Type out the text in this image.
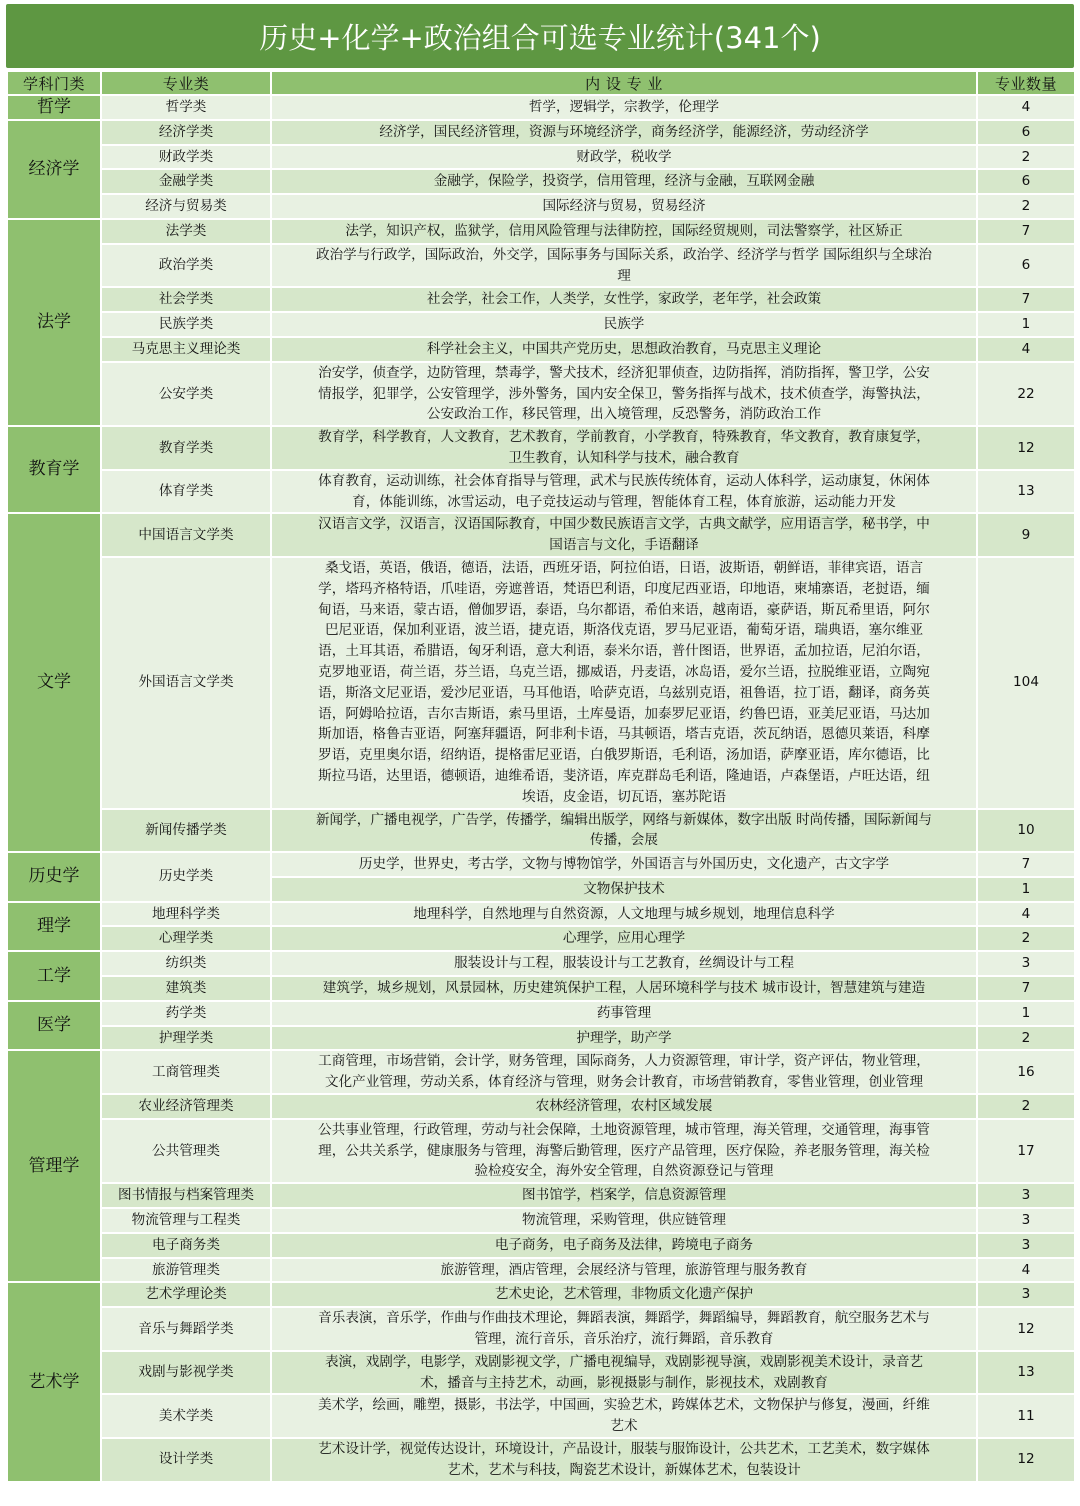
历史+化学+政治组合可选专业统计(341个)
学科门类	专业类	内 设 专 业	专业数量
哲学	哲学类	哲学，逻辑学，宗教学，伦理学	4
经济学	经济学类	经济学，国民经济管理，资源与环境经济学，商务经济学，能源经济，劳动经济学	6
	财政学类	财政学，税收学	2
	金融学类	金融学，保险学，投资学，信用管理，经济与金融，互联网金融	6
	经济与贸易类	国际经济与贸易，贸易经济	2
法学	法学类	法学，知识产权，监狱学，信用风险管理与法律防控，国际经贸规则，司法警察学，社区矫正	7
	政治学类	政治学与行政学，国际政治，外交学，国际事务与国际关系，政治学、经济学与哲学 国际组织与全球治理	6
	社会学类	社会学，社会工作，人类学，女性学，家政学，老年学，社会政策	7
	民族学类	民族学	1
	马克思主义理论类	科学社会主义，中国共产党历史，思想政治教育，马克思主义理论	4
	公安学类	治安学，侦查学，边防管理，禁毒学，警犬技术，经济犯罪侦查，边防指挥，消防指挥，警卫学，公安情报学，犯罪学，公安管理学，涉外警务，国内安全保卫，警务指挥与战术，技术侦查学，海警执法，公安政治工作，移民管理，出入境管理，反恐警务，消防政治工作	22
教育学	教育学类	教育学，科学教育，人文教育，艺术教育，学前教育，小学教育，特殊教育，华文教育，教育康复学，卫生教育，认知科学与技术，融合教育	12
	体育学类	体育教育，运动训练，社会体育指导与管理，武术与民族传统体育，运动人体科学，运动康复，休闲体育，体能训练，冰雪运动，电子竞技运动与管理，智能体育工程，体育旅游，运动能力开发	13
文学	中国语言文学类	汉语言文学，汉语言，汉语国际教育，中国少数民族语言文学，古典文献学，应用语言学，秘书学，中国语言与文化，手语翻译	9
	外国语言文学类	桑戈语，英语，俄语，德语，法语，西班牙语，阿拉伯语，日语，波斯语，朝鲜语，菲律宾语，语言学，塔玛齐格特语，爪哇语，旁遮普语，梵语巴利语，印度尼西亚语，印地语，柬埔寨语，老挝语，缅甸语，马来语，蒙古语，僧伽罗语，泰语，乌尔都语，希伯来语，越南语，豪萨语，斯瓦希里语，阿尔巴尼亚语，保加利亚语，波兰语，捷克语，斯洛伐克语，罗马尼亚语，葡萄牙语，瑞典语，塞尔维亚语，土耳其语，希腊语，匈牙利语，意大利语，泰米尔语，普什图语，世界语，孟加拉语，尼泊尔语，克罗地亚语，荷兰语，芬兰语，乌克兰语，挪威语，丹麦语，冰岛语，爱尔兰语，拉脱维亚语，立陶宛语，斯洛文尼亚语，爱沙尼亚语，马耳他语，哈萨克语，乌兹别克语，祖鲁语，拉丁语，翻译，商务英语，阿姆哈拉语，吉尔吉斯语，索马里语，土库曼语，加泰罗尼亚语，约鲁巴语，亚美尼亚语，马达加斯加语，格鲁吉亚语，阿塞拜疆语，阿非利卡语，马其顿语，塔吉克语，茨瓦纳语，恩德贝莱语，科摩罗语，克里奥尔语，绍纳语，提格雷尼亚语，白俄罗斯语，毛利语，汤加语，萨摩亚语，库尔德语，比斯拉马语，达里语，德顿语，迪维希语，斐济语，库克群岛毛利语，隆迪语，卢森堡语，卢旺达语，纽埃语，皮金语，切瓦语，塞苏陀语	104
	新闻传播学类	新闻学，广播电视学，广告学，传播学，编辑出版学，网络与新媒体，数字出版 时尚传播，国际新闻与传播，会展	10
历史学	历史学类	历史学，世界史，考古学，文物与博物馆学，外国语言与外国历史，文化遗产，古文字学	7
		文物保护技术	1
理学	地理科学类	地理科学，自然地理与自然资源，人文地理与城乡规划，地理信息科学	4
	心理学类	心理学，应用心理学	2
工学	纺织类	服装设计与工程，服装设计与工艺教育，丝绸设计与工程	3
	建筑类	建筑学，城乡规划，风景园林，历史建筑保护工程，人居环境科学与技术 城市设计，智慧建筑与建造	7
医学	药学类	药事管理	1
	护理学类	护理学，助产学	2
管理学	工商管理类	工商管理，市场营销，会计学，财务管理，国际商务，人力资源管理，审计学，资产评估，物业管理，文化产业管理，劳动关系，体育经济与管理，财务会计教育，市场营销教育，零售业管理，创业管理	16
	农业经济管理类	农林经济管理，农村区域发展	2
	公共管理类	公共事业管理，行政管理，劳动与社会保障，土地资源管理，城市管理，海关管理，交通管理，海事管理，公共关系学，健康服务与管理，海警后勤管理，医疗产品管理，医疗保险，养老服务管理，海关检验检疫安全，海外安全管理，自然资源登记与管理	17
	图书情报与档案管理类	图书馆学，档案学，信息资源管理	3
	物流管理与工程类	物流管理，采购管理，供应链管理	3
	电子商务类	电子商务，电子商务及法律，跨境电子商务	3
	旅游管理类	旅游管理，酒店管理，会展经济与管理，旅游管理与服务教育	4
艺术学	艺术学理论类	艺术史论，艺术管理，非物质文化遗产保护	3
	音乐与舞蹈学类	音乐表演，音乐学，作曲与作曲技术理论，舞蹈表演，舞蹈学，舞蹈编导，舞蹈教育，航空服务艺术与管理，流行音乐，音乐治疗，流行舞蹈，音乐教育	12
	戏剧与影视学类	表演，戏剧学，电影学，戏剧影视文学，广播电视编导，戏剧影视导演，戏剧影视美术设计，录音艺术，播音与主持艺术，动画，影视摄影与制作，影视技术，戏剧教育	13
	美术学类	美术学，绘画，雕塑，摄影，书法学，中国画，实验艺术，跨媒体艺术，文物保护与修复，漫画，纤维艺术	11
	设计学类	艺术设计学，视觉传达设计，环境设计，产品设计，服装与服饰设计，公共艺术，工艺美术，数字媒体艺术，艺术与科技，陶瓷艺术设计，新媒体艺术，包装设计	12
